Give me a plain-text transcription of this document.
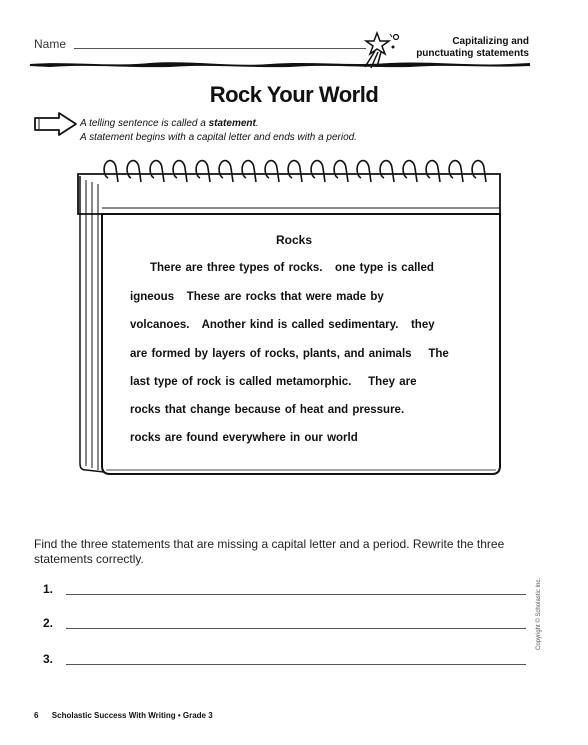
Name	Capitalizing and
punctuating statements
Rock Your World
A telling sentence is called a statement.
A statement begins with a capital letter and ends with a period.
Rocks
There are three types of rocks.   one type is called
igneous   These are rocks that were made by
volcanoes.   Another kind is called sedimentary.   they
are formed by layers of rocks, plants, and animals    The
last type of rock is called metamorphic.    They are
rocks that change because of heat and pressure.
rocks are found everywhere in our world
Find the three statements that are missing a capital letter and a period. Rewrite the three statements correctly.
1.
2.
3.
Copyright © Scholastic Inc.
6 Scholastic Success With Writing • Grade 3
